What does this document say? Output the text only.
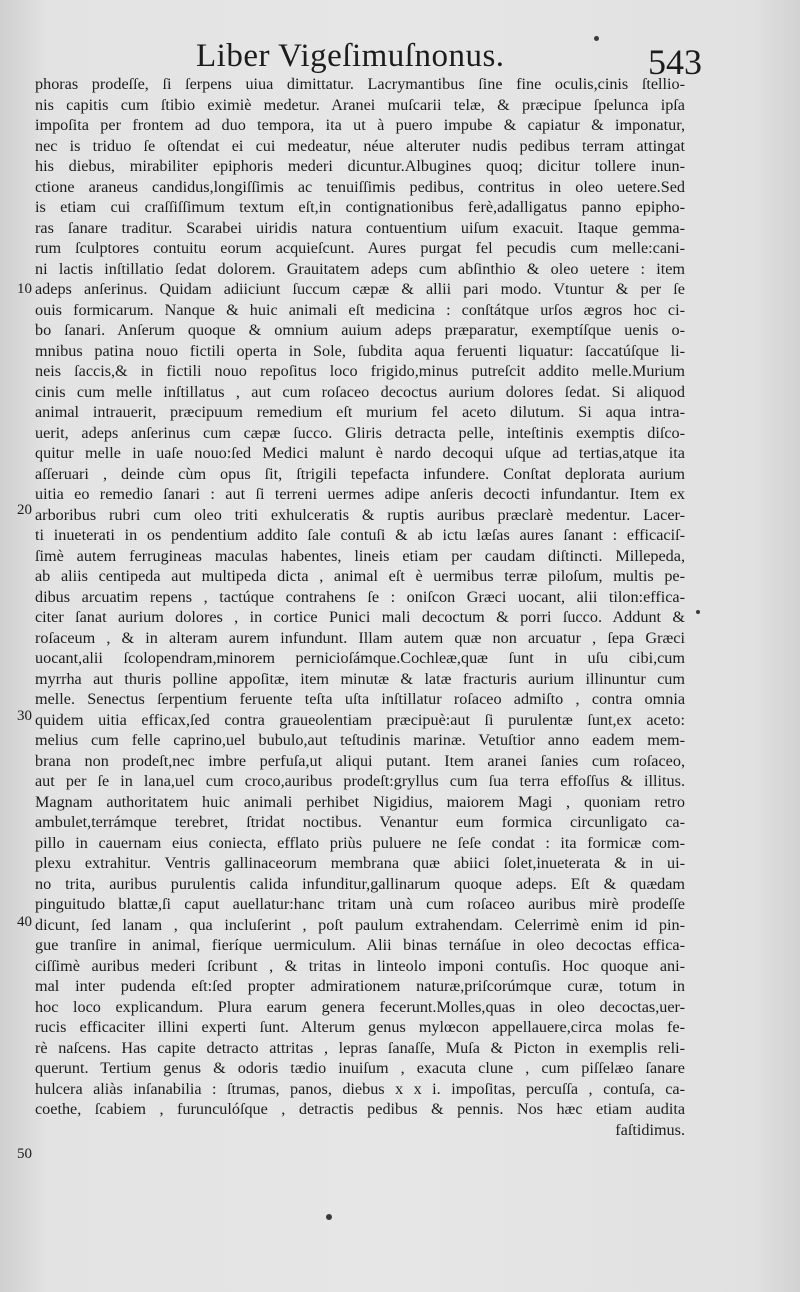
Liber Vigeſimuſnonus.	543
10
20
30
40
50
phoras prodeſſe, ſi ſerpens uiua dimittatur. Lacrymantibus ſine fine oculis,cinis ſtellio-
nis capitis cum ſtibio eximiè medetur. Aranei muſcarii telæ, & præcipue ſpelunca ipſa
impoſita per frontem ad duo tempora, ita ut à puero impube & capiatur & imponatur,
nec is triduo ſe oſtendat ei cui medeatur, néue alteruter nudis pedibus terram attingat
his diebus, mirabiliter epiphoris mederi dicuntur.Albugines quoq; dicitur tollere inun-
ctione araneus candidus,longiſſimis ac tenuiſſimis pedibus, contritus in oleo uetere.Sed
is etiam cui craſſiſſimum textum eſt,in contignationibus ferè,adalligatus panno epipho-
ras ſanare traditur. Scarabei uiridis natura contuentium uiſum exacuit. Itaque gemma-
rum ſculptores contuitu eorum acquieſcunt. Aures purgat fel pecudis cum melle:cani-
ni lactis inſtillatio ſedat dolorem. Grauitatem adeps cum abſinthio & oleo uetere : item
adeps anſerinus. Quidam adiiciunt ſuccum cæpæ & allii pari modo. Vtuntur & per ſe
ouis formicarum. Nanque & huic animali eſt medicina : conſtátque urſos ægros hoc ci-
bo ſanari. Anſerum quoque & omnium auium adeps præparatur, exemptíſque uenis o-
mnibus patina nouo fictili operta in Sole, ſubdita aqua feruenti liquatur: ſaccatúſque li-
neis ſaccis,& in fictili nouo repoſitus loco frigido,minus putreſcit addito melle.Murium
cinis cum melle inſtillatus , aut cum roſaceo decoctus aurium dolores ſedat. Si aliquod
animal intrauerit, præcipuum remedium eſt murium fel aceto dilutum. Si aqua intra-
uerit, adeps anſerinus cum cæpæ ſucco. Gliris detracta pelle, inteſtinis exemptis diſco-
quitur melle in uaſe nouo:ſed Medici malunt è nardo decoqui uſque ad tertias,atque ita
aſſeruari , deinde cùm opus ſit, ſtrigili tepefacta infundere. Conſtat deplorata aurium
uitia eo remedio ſanari : aut ſi terreni uermes adipe anſeris decocti infundantur. Item ex
arboribus rubri cum oleo triti exhulceratis & ruptis auribus præclarè medentur. Lacer-
ti inueterati in os pendentium addito ſale contuſi & ab ictu læſas aures ſanant : efficaciſ-
ſimè autem ferrugineas maculas habentes, lineis etiam per caudam diſtincti. Millepeda,
ab aliis centipeda aut multipeda dicta , animal eſt è uermibus terræ piloſum, multis pe-
dibus arcuatim repens , tactúque contrahens ſe : oniſcon Græci uocant, alii tilon:effica-
citer ſanat aurium dolores , in cortice Punici mali decoctum & porri ſucco. Addunt &
roſaceum , & in alteram aurem infundunt. Illam autem quæ non arcuatur , ſepa Græci
uocant,alii ſcolopendram,minorem pernicioſámque.Cochleæ,quæ ſunt in uſu cibi,cum
myrrha aut thuris polline appoſitæ, item minutæ & latæ fracturis aurium illinuntur cum
melle. Senectus ſerpentium feruente teſta uſta inſtillatur roſaceo admiſto , contra omnia
quidem uitia efficax,ſed contra graueolentiam præcipuè:aut ſi purulentæ ſunt,ex aceto:
melius cum felle caprino,uel bubulo,aut teſtudinis marinæ. Vetuſtior anno eadem mem-
brana non prodeſt,nec imbre perfuſa,ut aliqui putant. Item aranei ſanies cum roſaceo,
aut per ſe in lana,uel cum croco,auribus prodeſt:gryllus cum ſua terra effoſſus & illitus.
Magnam authoritatem huic animali perhibet Nigidius, maiorem Magi , quoniam retro
ambulet,terrámque terebret, ſtridat noctibus. Venantur eum formica circunligato ca-
pillo in cauernam eius coniecta, efflato priùs puluere ne ſeſe condat : ita formicæ com-
plexu extrahitur. Ventris gallinaceorum membrana quæ abiici ſolet,inueterata & in ui-
no trita, auribus purulentis calida infunditur,gallinarum quoque adeps. Eſt & quædam
pinguitudo blattæ,ſi caput auellatur:hanc tritam unà cum roſaceo auribus mirè prodeſſe
dicunt, ſed lanam , qua incluſerint , poſt paulum extrahendam. Celerrimè enim id pin-
gue tranſire in animal, fieríque uermiculum. Alii binas ternáſue in oleo decoctas effica-
ciſſimè auribus mederi ſcribunt , & tritas in linteolo imponi contuſis. Hoc quoque ani-
mal inter pudenda eſt:ſed propter admirationem naturæ,priſcorúmque curæ, totum in
hoc loco explicandum. Plura earum genera fecerunt.Molles,quas in oleo decoctas,uer-
rucis efficaciter illini experti ſunt. Alterum genus mylœcon appellauere,circa molas fe-
rè naſcens. Has capite detracto attritas , lepras ſanaſſe, Muſa & Picton in exemplis reli-
querunt. Tertium genus & odoris tædio inuiſum , exacuta clune , cum piſſelæo ſanare
hulcera aliàs inſanabilia : ſtrumas, panos, diebus x x i. impoſitas, percuſſa , contuſa, ca-
coethe, ſcabiem , furunculóſque , detractis pedibus & pennis. Nos hæc etiam audita
faſtidimus.
